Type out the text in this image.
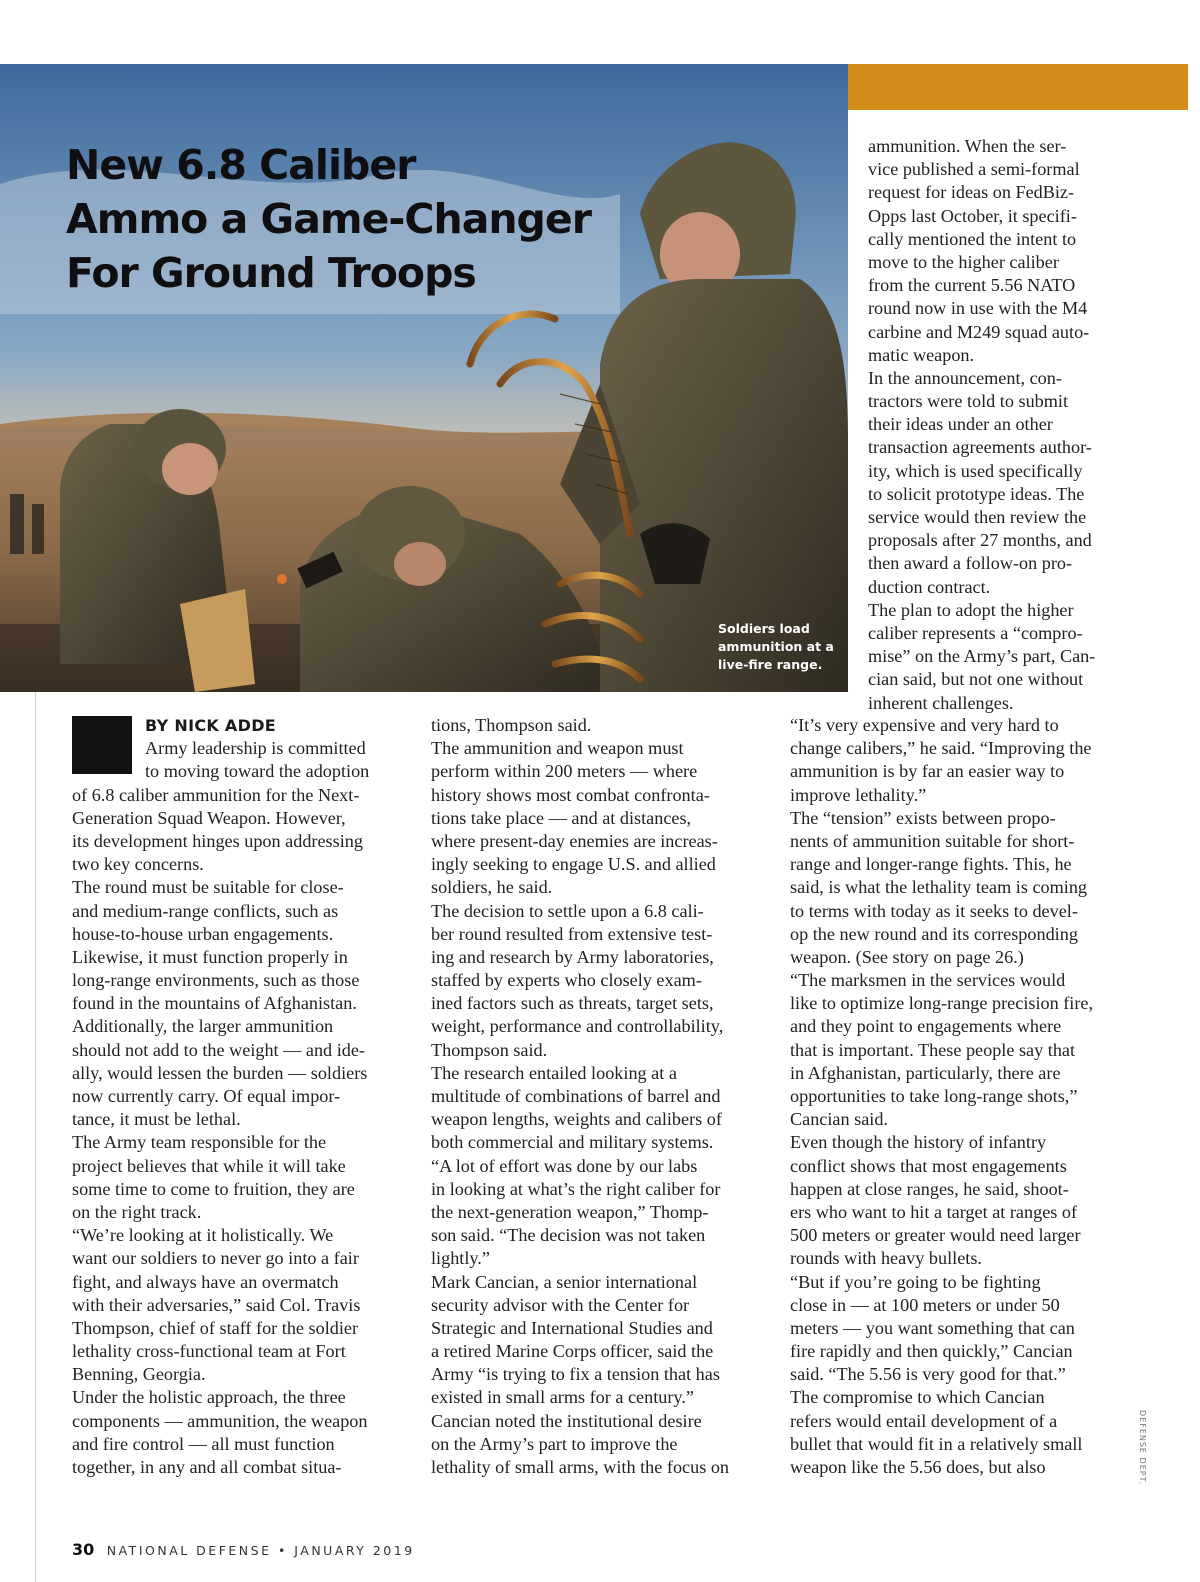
New 6.8 Caliber
Ammo a Game-Changer
For Ground Troops
Soldiers load
ammunition at a
live-fire range.
ammunition. When the ser-
vice published a semi-formal
request for ideas on FedBiz-
Opps last October, it specifi-
cally mentioned the intent to
move to the higher caliber
from the current 5.56 NATO
round now in use with the M4
carbine and M249 squad auto-
matic weapon.
In the announcement, con-
tractors were told to submit
their ideas under an other
transaction agreements author-
ity, which is used specifically
to solicit prototype ideas. The
service would then review the
proposals after 27 months, and
then award a follow-on pro-
duction contract.
The plan to adopt the higher
caliber represents a “compro-
mise” on the Army’s part, Can-
cian said, but not one without
inherent challenges.
BY NICK ADDE
Army leadership is committed
to moving toward the adoption
of 6.8 caliber ammunition for the Next-
Generation Squad Weapon. However,
its development hinges upon addressing
two key concerns.
The round must be suitable for close-
and medium-range conflicts, such as
house-to-house urban engagements.
Likewise, it must function properly in
long-range environments, such as those
found in the mountains of Afghanistan.
Additionally, the larger ammunition
should not add to the weight — and ide-
ally, would lessen the burden — soldiers
now currently carry. Of equal impor-
tance, it must be lethal.
The Army team responsible for the
project believes that while it will take
some time to come to fruition, they are
on the right track.
“We’re looking at it holistically. We
want our soldiers to never go into a fair
fight, and always have an overmatch
with their adversaries,” said Col. Travis
Thompson, chief of staff for the soldier
lethality cross-functional team at Fort
Benning, Georgia.
Under the holistic approach, the three
components — ammunition, the weapon
and fire control — all must function
together, in any and all combat situa-
tions, Thompson said.
The ammunition and weapon must
perform within 200 meters — where
history shows most combat confronta-
tions take place — and at distances,
where present-day enemies are increas-
ingly seeking to engage U.S. and allied
soldiers, he said.
The decision to settle upon a 6.8 cali-
ber round resulted from extensive test-
ing and research by Army laboratories,
staffed by experts who closely exam-
ined factors such as threats, target sets,
weight, performance and controllability,
Thompson said.
The research entailed looking at a
multitude of combinations of barrel and
weapon lengths, weights and calibers of
both commercial and military systems.
“A lot of effort was done by our labs
in looking at what’s the right caliber for
the next-generation weapon,” Thomp-
son said. “The decision was not taken
lightly.”
Mark Cancian, a senior international
security advisor with the Center for
Strategic and International Studies and
a retired Marine Corps officer, said the
Army “is trying to fix a tension that has
existed in small arms for a century.”
Cancian noted the institutional desire
on the Army’s part to improve the
lethality of small arms, with the focus on
“It’s very expensive and very hard to
change calibers,” he said. “Improving the
ammunition is by far an easier way to
improve lethality.”
The “tension” exists between propo-
nents of ammunition suitable for short-
range and longer-range fights. This, he
said, is what the lethality team is coming
to terms with today as it seeks to devel-
op the new round and its corresponding
weapon. (See story on page 26.)
“The marksmen in the services would
like to optimize long-range precision fire,
and they point to engagements where
that is important. These people say that
in Afghanistan, particularly, there are
opportunities to take long-range shots,”
Cancian said.
Even though the history of infantry
conflict shows that most engagements
happen at close ranges, he said, shoot-
ers who want to hit a target at ranges of
500 meters or greater would need larger
rounds with heavy bullets.
“But if you’re going to be fighting
close in — at 100 meters or under 50
meters — you want something that can
fire rapidly and then quickly,” Cancian
said. “The 5.56 is very good for that.”
The compromise to which Cancian
refers would entail development of a
bullet that would fit in a relatively small
weapon like the 5.56 does, but also
30 NATIONAL DEFENSE • JANUARY 2019
DEFENSE DEPT.
